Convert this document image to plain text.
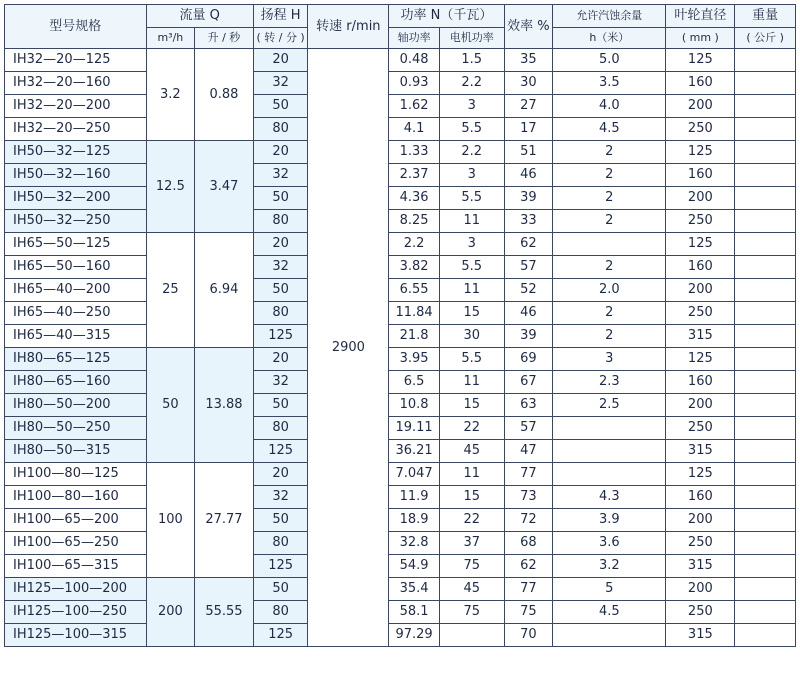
型号规格	流量 Q		扬程 H	转速 r/min	功率 N（千瓦）		效率 %	允许汽蚀余量	叶轮直径	重量
	m³/h	升 / 秒	( 转 / 分 )		轴功率	电机功率		h（米）	( mm )	( 公斤 )
IH32—20—125	3.2	0.88	20	2900	0.48	1.5	35	5.0	125	
IH32—20—160			32		0.93	2.2	30	3.5	160	
IH32—20—200			50		1.62	3	27	4.0	200	
IH32—20—250			80		4.1	5.5	17	4.5	250	
IH50—32—125	12.5	3.47	20		1.33	2.2	51	2	125	
IH50—32—160			32		2.37	3	46	2	160	
IH50—32—200			50		4.36	5.5	39	2	200	
IH50—32—250			80		8.25	11	33	2	250	
IH65—50—125	25	6.94	20		2.2	3	62		125	
IH65—50—160			32		3.82	5.5	57	2	160	
IH65—40—200			50		6.55	11	52	2.0	200	
IH65—40—250			80		11.84	15	46	2	250	
IH65—40—315			125		21.8	30	39	2	315	
IH80—65—125	50	13.88	20		3.95	5.5	69	3	125	
IH80—65—160			32		6.5	11	67	2.3	160	
IH80—50—200			50		10.8	15	63	2.5	200	
IH80—50—250			80		19.11	22	57		250	
IH80—50—315			125		36.21	45	47		315	
IH100—80—125	100	27.77	20		7.047	11	77		125	
IH100—80—160			32		11.9	15	73	4.3	160	
IH100—65—200			50		18.9	22	72	3.9	200	
IH100—65—250			80		32.8	37	68	3.6	250	
IH100—65—315			125		54.9	75	62	3.2	315	
IH125—100—200	200	55.55	50		35.4	45	77	5	200	
IH125—100—250			80		58.1	75	75	4.5	250	
IH125—100—315			125		97.29		70		315	
